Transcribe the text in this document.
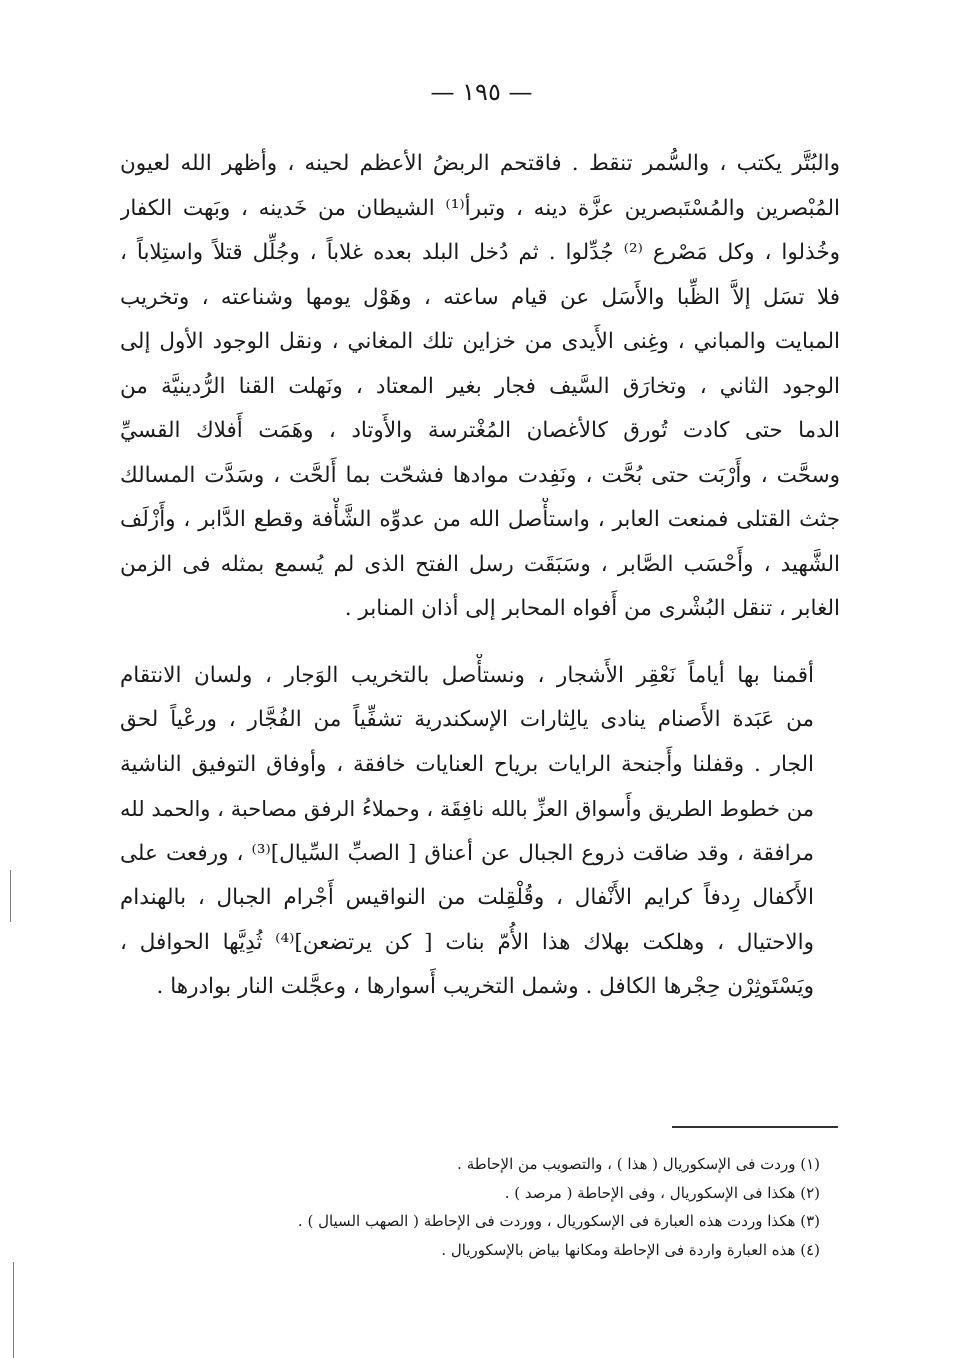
— ١٩٥ —
والبُتَّر يكتب ، والسُّمر تنقط . فاقتحم الربضُ الأعظم لحينه ، وأظهر الله لعيون
المُبْصرين والمُسْتَبصرين عزَّة دينه ، وتبرأ⁽¹⁾ الشيطان من خَدينه ، وبَهت الكفار
وخُذلوا ، وكل مَصْرع ⁽²⁾ جُدِّلوا . ثم دُخل البلد بعده غلاباً ، وجُلِّل قتلاً واستِلاباً ،
فلا تسَل إلاَّ الظِّبا والأَسَل عن قيام ساعته ، وهَوْل يومها وشناعته ، وتخريب
المبايت والمباني ، وغِنى الأَيدى من خزاين تلك المغاني ، ونقل الوجود الأول إلى
الوجود الثاني ، وتخارَق السَّيف فجار بغير المعتاد ، ونَهلت القنا الرُّدينيَّة من
الدما حتى كادت تُورق كالأغصان المُغْترسة والأَوتاد ، وهَمَت أَفلاك القسيِّ
وسحَّت ، وأَرْبَت حتى بُحَّت ، ونَفِدت موادها فشحّت بما أَلحَّت ، وسَدَّت المسالك
جثث القتلى فمنعت العابر ، واستأْصل الله من عدوِّه الشَّأْفة وقطع الدَّابر ، وأَزْلَف
الشَّهيد ، وأَحْسَب الصَّابر ، وسَبَقَت رسل الفتح الذى لم يُسمع بمثله فى الزمن
الغابر ، تنقل البُشْرى من أَفواه المحابر إلى أذان المنابر .
أقمنا بها أياماً نَعْقِر الأَشجار ، ونستأْصل بالتخريب الوَجار ، ولسان الانتقام
من عَبَدة الأَصنام ينادى يالِثارات الإسكندرية تشفِّياً من الفُجَّار ، ورعْياً لحق
الجار . وقفلنا وأَجنحة الرايات برياح العنايات خافقة ، وأوفاق التوفيق الناشية
من خطوط الطريق وأَسواق العزِّ بالله نافِقَة ، وحملاءُ الرفق مصاحبة ، والحمد لله
مرافقة ، وقد ضاقت ذروع الجبال عن أعناق [ الصبِّ السِّيال]⁽³⁾ ، ورفعت على
الأَكفال رِدفاً كرايم الأَنْفال ، وقُلْقِلت من النواقيس أَجْرام الجبال ، بالهندام
والاحتيال ، وهلكت بهلاك هذا الأُمّ بنات [ كن يرتضعن]⁽⁴⁾ ثُدِيَّها الحوافل ،
ويَسْتَوثِرْن حِجْرها الكافل . وشمل التخريب أَسوارها ، وعجَّلت النار بوادرها .
(١) وردت فى الإسكوريال ( هذا ) ، والتصويب من الإحاطة .
(٢) هكذا فى الإسكوريال ، وفى الإحاطة ( مرصد ) .
(٣) هكذا وردت هذه العبارة فى الإسكوريال ، ووردت فى الإحاطة ( الصهب السيال ) .
(٤) هذه العبارة واردة فى الإحاطة ومكانها بياض بالإسكوريال .
